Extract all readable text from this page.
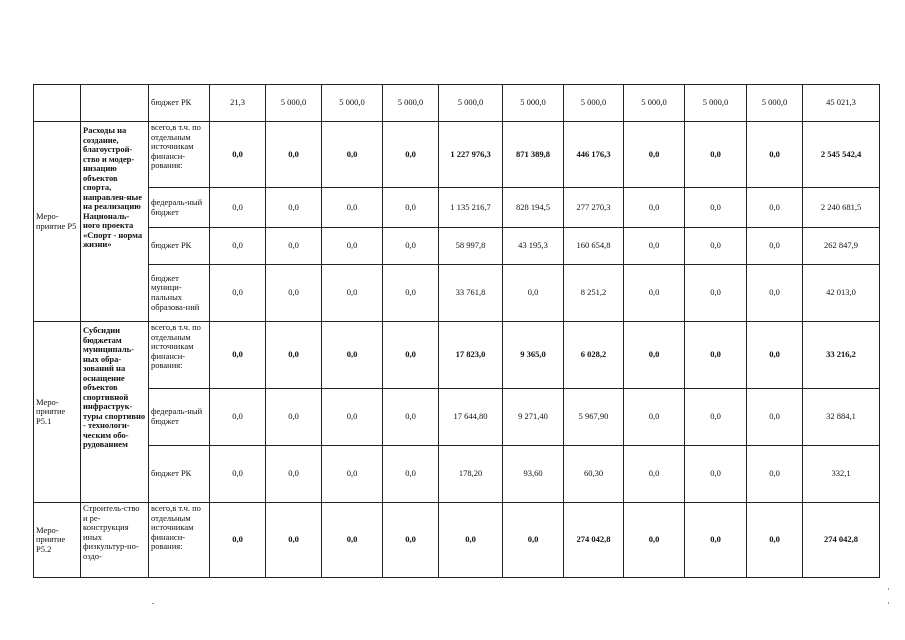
		бюджет РК	21,3	5 000,0	5 000,0	5 000,0	5 000,0	5 000,0	5 000,0	5 000,0	5 000,0	5 000,0	45 021,3
Меро-приятие Р5	Расходы на создание, благоустрой-ство и модер-низацию объектов спорта, направлен-ные на реализацию Националь-ного проекта «Спорт - норма жизни»	всего,в т.ч. по отдельным источникам финанси-рования:	0,0	0,0	0,0	0,0	1 227 976,3	871 389,8	446 176,3	0,0	0,0	0,0	2 545 542,4
		федераль-ный бюджет	0,0	0,0	0,0	0,0	1 135 216,7	828 194,5	277 270,3	0,0	0,0	0,0	2 240 681,5
		бюджет РК	0,0	0,0	0,0	0,0	58 997,8	43 195,3	160 654,8	0,0	0,0	0,0	262 847,9
		бюджет муници-пальных образова-ний	0,0	0,0	0,0	0,0	33 761,8	0,0	8 251,2	0,0	0,0	0,0	42 013,0
Меро-приятие Р5.1	Субсидии бюджетам муниципаль-ных обра-зований на оснащение объектов спортивной инфраструк-туры спортивно - технологи-ческим обо-рудованием	всего,в т.ч. по отдельным источникам финанси-рования:	0,0	0,0	0,0	0,0	17 823,0	9 365,0	6 028,2	0,0	0,0	0,0	33 216,2
		федераль-ный бюджет	0,0	0,0	0,0	0,0	17 644,80	9 271,40	5 967,90	0,0	0,0	0,0	32 884,1
		бюджет РК	0,0	0,0	0,0	0,0	178,20	93,60	60,30	0,0	0,0	0,0	332,1
Меро-приятие Р5.2	Строитель-ство и ре-конструкция иных физкультур-но-оздо-	всего,в т.ч. по отдельным источникам финанси-рования:	0,0	0,0	0,0	0,0	0,0	0,0	274 042,8	0,0	0,0	0,0	274 042,8
